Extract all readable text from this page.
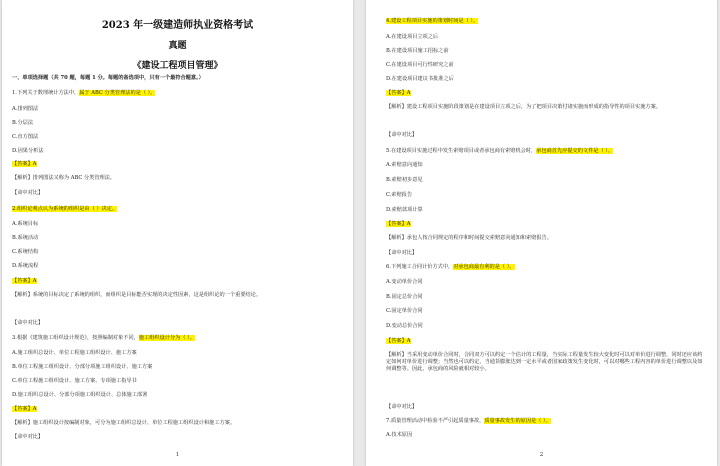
2023 年一级建造师执业资格考试
真题
《建设工程项目管理》
一、单项选择题（共 70 题，每题 1 分。每题的备选项中，只有一个最符合题意。）
1.下列关于数理统计方法中，属于 ABC 分类管理法的是（ ）。
A.排列图法
B.分层法
C.直方图法
D.因果分析法
【答案】A
【解析】排列图法又称为 ABC 分类管理法。
【命中对比】
2.组织论观点认为系统的组织是由（ ）决定。
A.系统目标
B.系统活动
C.系统结构
D.系统流程
【答案】A
【解析】系统的目标决定了系统的组织，而组织是目标能否实现的决定性因素，这是组织论的一个重要结论。
【命中对比】
3.根据《建筑施工组织设计规范》，按照编制对象不同，施工组织设计分为（ ）。
A.施工组织总设计、单位工程施工组织设计、施工方案
B.单位工程施工组织设计、分部分项施工组织设计、施工方案
C.单位工程施工组织设计、施工方案、专项施工指导书
D.施工组织总设计、分部分项施工组织设计、总体施工部署
【答案】A
【解析】施工组织设计按编制对象，可分为施工组织总设计、单位工程施工组织设计和施工方案。
【命中对比】
1
4.建设工程项目实施的策划时间是（ ）。
A.在建设项目立项之后
B.在建设项目施工招标之前
C.在建设项目可行性研究之前
D.在建设项目建议书批准之后
【答案】A
【解析】建设工程项目实施阶段策划是在建设项目立项之后，为了把项目决策付诸实施而形成的指导性的项目实施方案。
【命中对比】
5.在建设项目实施过程中发生索赔项目或者承包商有索赔机会时，承包商首先应提交的文件是（ ）。
A.索赔意向通知
B.索赔初步意见
C.索赔报告
D.索赔款项计算
【答案】A
【解析】承包人按合同规定的程序和时间提交索赔意向通知和索赔报告。
【命中对比】
6.下列施工合同计价方式中，对承包商最有利的是（ ）。
A.变动单价合同
B.固定总价合同
C.固定单价合同
D.变动总价合同
【答案】A
【解析】当采用变动单价合同时，合同双方可以约定一个估计的工程量，当实际工程量发生较大变化时可以对单价进行调整，同时还应该约定如何对单价进行调整；当然也可以约定，当通货膨胀达到一定水平或者国家政策发生变化时，可以对哪些工程内容的单价进行调整以及如何调整等。因此，承包商的风险就相对较小。
【命中对比】
7.质量管理活动中检验不严引起质量事故，质量事故发生的原因是（ ）。
A.技术原因
2
